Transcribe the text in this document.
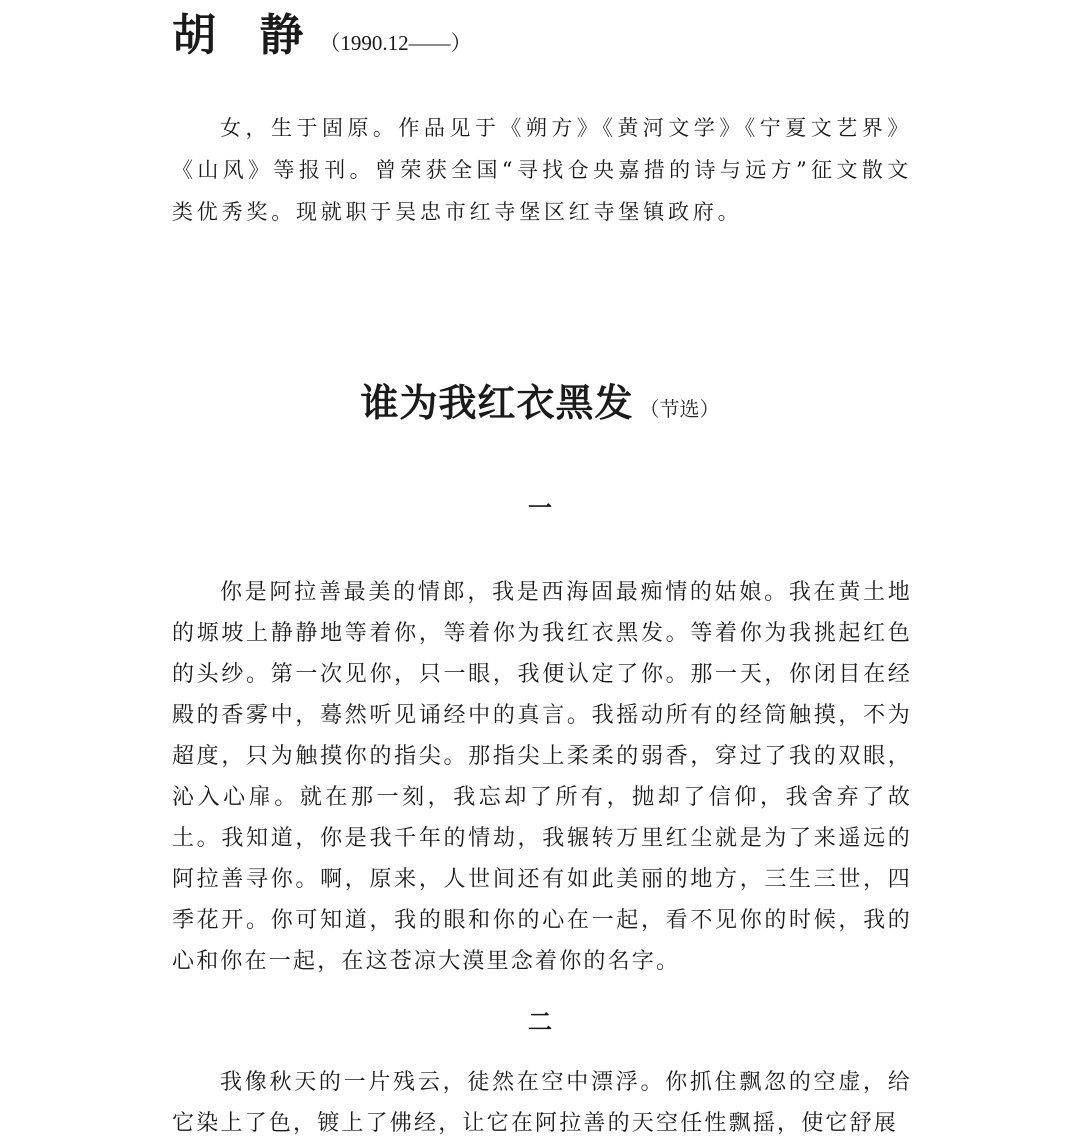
胡 静（1990.12——）

女，生于固原。作品见于《朔方》《黄河文学》《宁夏文艺界》《山风》等报刊。曾荣获全国“寻找仓央嘉措的诗与远方”征文散文类优秀奖。现就职于吴忠市红寺堡区红寺堡镇政府。

谁为我红衣黑发 （节选）
一

你是阿拉善最美的情郎，我是西海固最痴情的姑娘。我在黄土地的塬坡上静静地等着你，等着你为我红衣黑发。等着你为我挑起红色的头纱。第一次见你，只一眼，我便认定了你。那一天，你闭目在经殿的香雾中，蓦然听见诵经中的真言。我摇动所有的经筒触摸，不为超度，只为触摸你的指尖。那指尖上柔柔的弱香，穿过了我的双眼，沁入心扉。就在那一刻，我忘却了所有，抛却了信仰，我舍弃了故土。我知道，你是我千年的情劫，我辗转万里红尘就是为了来遥远的阿拉善寻你。啊，原来，人世间还有如此美丽的地方，三生三世，四季花开。你可知道，我的眼和你的心在一起，看不见你的时候，我的心和你在一起，在这苍凉大漠里念着你的名字。

二

我像秋天的一片残云，徒然在空中漂浮。你抓住飘忽的空虚，给它染上了色，镀上了佛经，让它在阿拉善的天空任性飘摇，使它舒展
